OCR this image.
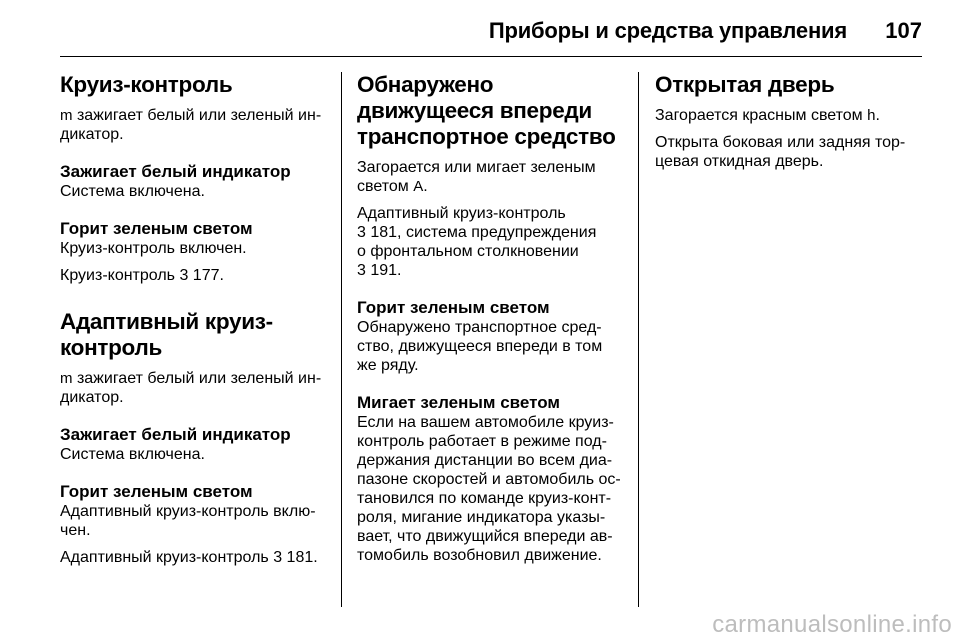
Приборы и средства управления 107
Круиз-контроль

m зажигает белый или зеленый ин-
дикатор.

Зажигает белый индикатор

Система включена.

Горит зеленым светом

Круиз-контроль включен.

Круиз-контроль 3 177.

Адаптивный круиз-
контроль

m зажигает белый или зеленый ин-
дикатор.

Зажигает белый индикатор

Система включена.

Горит зеленым светом

Адаптивный круиз-контроль вклю-
чен.

Адаптивный круиз-контроль 3 181.

Обнаружено
движущееся впереди
транспортное средство

Загорается или мигает зеленым
светом A.

Адаптивный круиз-контроль
3 181, система предупреждения
о фронтальном столкновении
3 191.

Горит зеленым светом

Обнаружено транспортное сред-
ство, движущееся впереди в том
же ряду.

Мигает зеленым светом

Если на вашем автомобиле круиз-
контроль работает в режиме под-
держания дистанции во всем диа-
пазоне скоростей и автомобиль ос-
тановился по команде круиз-конт-
роля, мигание индикатора указы-
вает, что движущийся впереди ав-
томобиль возобновил движение.

Открытая дверь

Загорается красным светом h.

Открыта боковая или задняя тор-
цевая откидная дверь.

carmanualsonline.info
